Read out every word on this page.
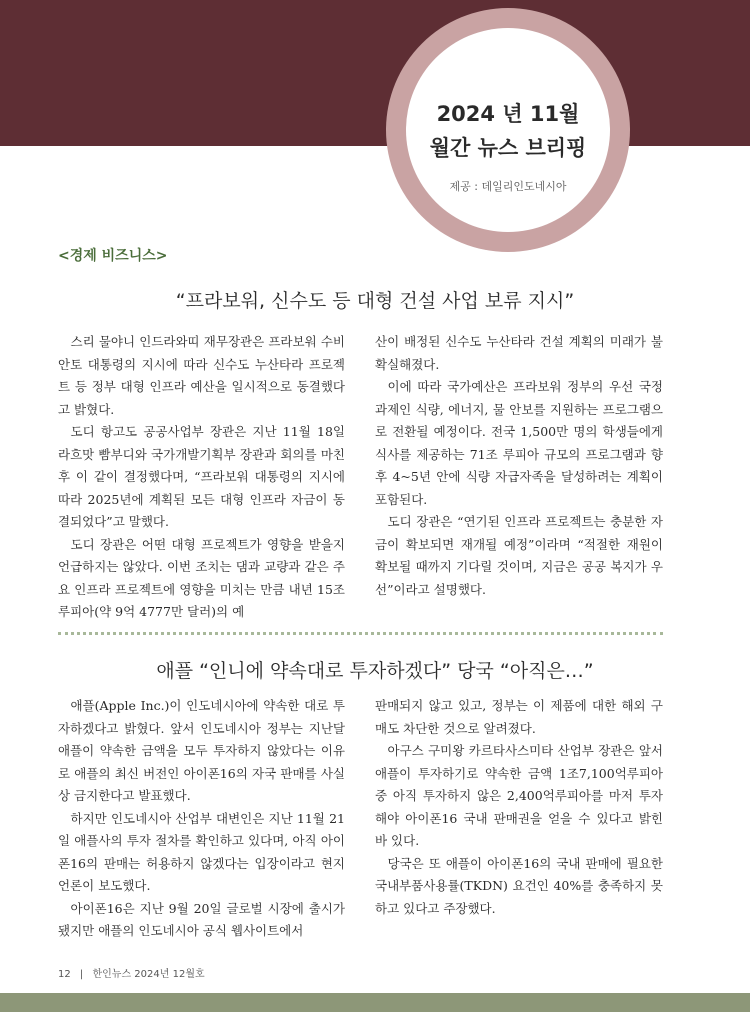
2024 년 11월
월간 뉴스 브리핑
제공 : 데일리인도네시아
<경제 비즈니스>
“프라보워, 신수도 등 대형 건설 사업 보류 지시”

스리 물야니 인드라와띠 재무장관은 프라보워 수비안토 대통령의 지시에 따라 신수도 누산타라 프로젝트 등 정부 대형 인프라 예산을 일시적으로 동결했다고 밝혔다.

도디 항고도 공공사업부 장관은 지난 11월 18일 라흐맛 빰부디와 국가개발기획부 장관과 회의를 마친 후 이 같이 결정했다며, “프라보워 대통령의 지시에 따라 2025년에 계획된 모든 대형 인프라 자금이 동결되었다”고 말했다.

도디 장관은 어떤 대형 프로젝트가 영향을 받을지 언급하지는 않았다. 이번 조치는 댐과 교량과 같은 주요 인프라 프로젝트에 영향을 미치는 만큼 내년 15조 루피아(약 9억 4777만 달러)의 예

산이 배정된 신수도 누산타라 건설 계획의 미래가 불확실해졌다.

이에 따라 국가예산은 프라보워 정부의 우선 국정과제인 식량, 에너지, 물 안보를 지원하는 프로그램으로 전환될 예정이다. 전국 1,500만 명의 학생들에게 식사를 제공하는 71조 루피아 규모의 프로그램과 향후 4~5년 안에 식량 자급자족을 달성하려는 계획이 포함된다.

도디 장관은 “연기된 인프라 프로젝트는 충분한 자금이 확보되면 재개될 예정”이라며 “적절한 재원이 확보될 때까지 기다릴 것이며, 지금은 공공 복지가 우선”이라고 설명했다.

애플 “인니에 약속대로 투자하겠다” 당국 “아직은…”

애플(Apple Inc.)이 인도네시아에 약속한 대로 투자하겠다고 밝혔다. 앞서 인도네시아 정부는 지난달 애플이 약속한 금액을 모두 투자하지 않았다는 이유로 애플의 최신 버전인 아이폰16의 자국 판매를 사실상 금지한다고 발표했다.

하지만 인도네시아 산업부 대변인은 지난 11월 21일 애플사의 투자 절차를 확인하고 있다며, 아직 아이폰16의 판매는 허용하지 않겠다는 입장이라고 현지 언론이 보도했다.

아이폰16은 지난 9월 20일 글로벌 시장에 출시가 됐지만 애플의 인도네시아 공식 웹사이트에서

판매되지 않고 있고, 정부는 이 제품에 대한 해외 구매도 차단한 것으로 알려졌다.

아구스 구미왕 카르타사스미타 산업부 장관은 앞서 애플이 투자하기로 약속한 금액 1조7,100억루피아 중 아직 투자하지 않은 2,400억루피아를 마저 투자해야 아이폰16 국내 판매권을 얻을 수 있다고 밝힌 바 있다.

당국은 또 애플이 아이폰16의 국내 판매에 필요한 국내부품사용률(TKDN) 요건인 40%를 충족하지 못하고 있다고 주장했다.

12 | 한인뉴스 2024년 12월호
